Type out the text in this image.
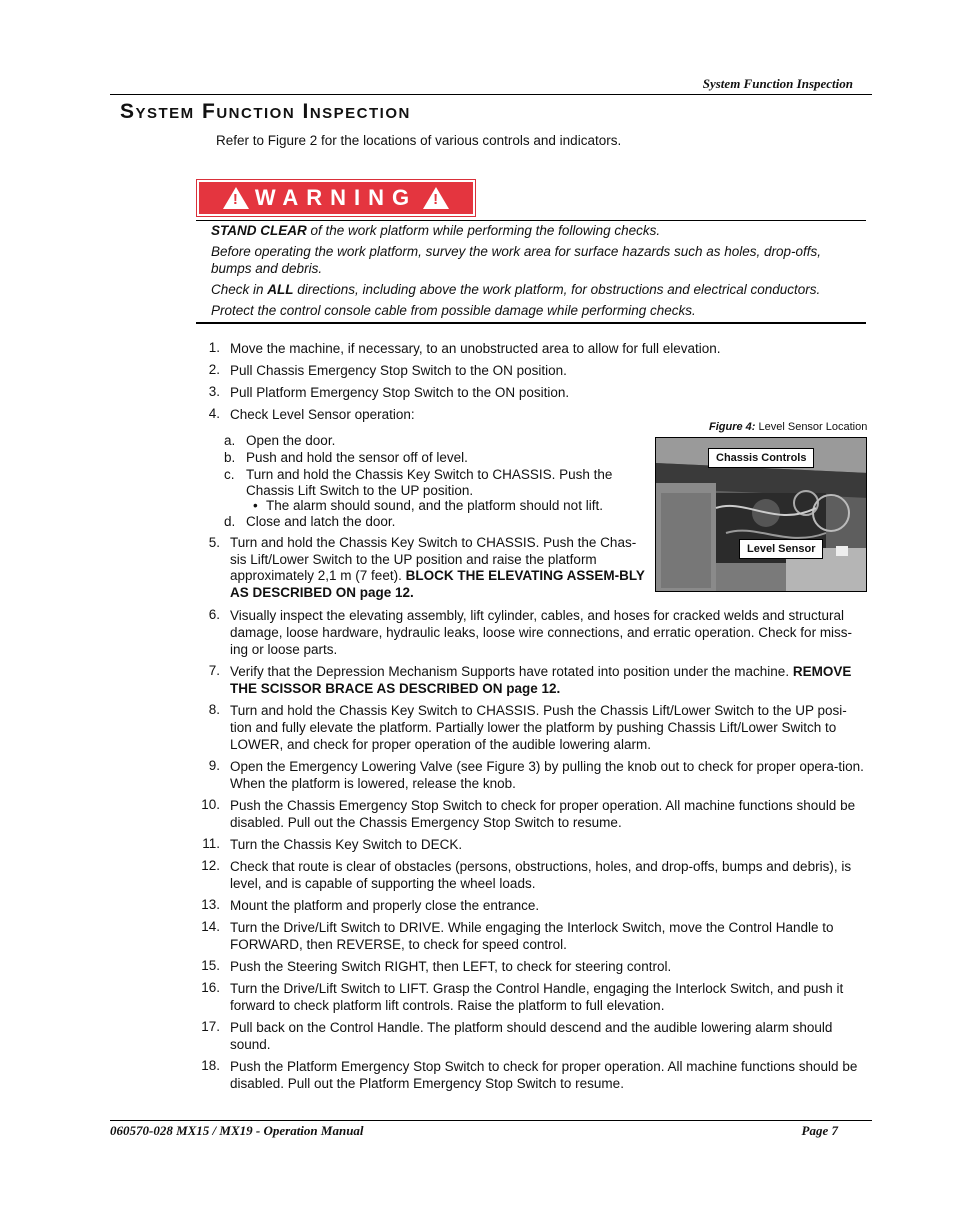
System Function Inspection
System Function Inspection
Refer to Figure 2 for the locations of various controls and indicators.
! WARNING !
STAND CLEAR of the work platform while performing the following checks.
Before operating the work platform, survey the work area for surface hazards such as holes, drop-offs, bumps and debris.
Check in ALL directions, including above the work platform, for obstructions and electrical conductors.
Protect the control console cable from possible damage while performing checks.
1. Move the machine, if necessary, to an unobstructed area to allow for full elevation.
2. Pull Chassis Emergency Stop Switch to the ON position.
3. Pull Platform Emergency Stop Switch to the ON position.
4. Check Level Sensor operation:
a. Open the door.
b. Push and hold the sensor off of level.
c. Turn and hold the Chassis Key Switch to CHASSIS. Push the Chassis Lift Switch to the UP position.
• The alarm should sound, and the platform should not lift.
d. Close and latch the door.
5. Turn and hold the Chassis Key Switch to CHASSIS. Push the Chas-sis Lift/Lower Switch to the UP position and raise the platform approximately 2,1 m (7 feet). BLOCK THE ELEVATING ASSEM-BLY AS DESCRIBED ON page 12.
Figure 4: Level Sensor Location
Chassis Controls
Level Sensor
6. Visually inspect the elevating assembly, lift cylinder, cables, and hoses for cracked welds and structural damage, loose hardware, hydraulic leaks, loose wire connections, and erratic operation. Check for miss-ing or loose parts.
7. Verify that the Depression Mechanism Supports have rotated into position under the machine. REMOVE THE SCISSOR BRACE AS DESCRIBED ON page 12.
8. Turn and hold the Chassis Key Switch to CHASSIS. Push the Chassis Lift/Lower Switch to the UP posi-tion and fully elevate the platform. Partially lower the platform by pushing Chassis Lift/Lower Switch to LOWER, and check for proper operation of the audible lowering alarm.
9. Open the Emergency Lowering Valve (see Figure 3) by pulling the knob out to check for proper opera-tion. When the platform is lowered, release the knob.
10. Push the Chassis Emergency Stop Switch to check for proper operation. All machine functions should be disabled. Pull out the Chassis Emergency Stop Switch to resume.
11. Turn the Chassis Key Switch to DECK.
12. Check that route is clear of obstacles (persons, obstructions, holes, and drop-offs, bumps and debris), is level, and is capable of supporting the wheel loads.
13. Mount the platform and properly close the entrance.
14. Turn the Drive/Lift Switch to DRIVE. While engaging the Interlock Switch, move the Control Handle to FORWARD, then REVERSE, to check for speed control.
15. Push the Steering Switch RIGHT, then LEFT, to check for steering control.
16. Turn the Drive/Lift Switch to LIFT. Grasp the Control Handle, engaging the Interlock Switch, and push it forward to check platform lift controls. Raise the platform to full elevation.
17. Pull back on the Control Handle. The platform should descend and the audible lowering alarm should sound.
18. Push the Platform Emergency Stop Switch to check for proper operation. All machine functions should be disabled. Pull out the Platform Emergency Stop Switch to resume.
060570-028 MX15 / MX19 - Operation Manual	Page 7
